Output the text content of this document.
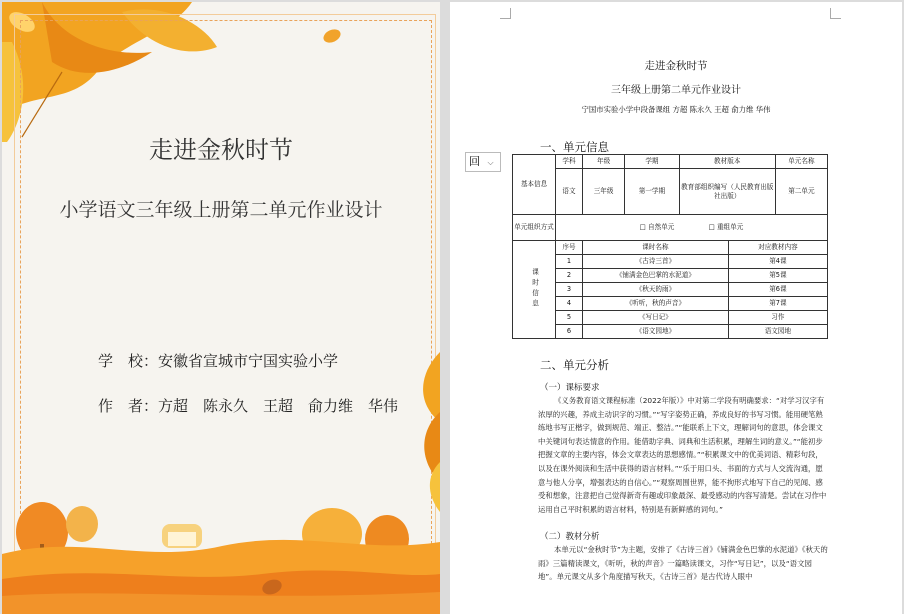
走进金秋时节
小学语文三年级上册第二单元作业设计
学　校：安徽省宣城市宁国实验小学
作　者：方超　陈永久　王超　俞力维　华伟
走进金秋时节
三年级上册第二单元作业设计
宁国市实验小学中段备课组 方超 陈永久 王超 俞力维 华伟
一、单元信息
基本信息	学科	年级	学期	教材版本		单元名称
	语文	三年级	第一学期	教育部组织编写（人民教育出版社出版）		第二单元
单元组织方式	□ 自然单元 □ 重组单元					
课时信息	序号	课时名称			对应教材内容	
	1	《古诗三首》			第4课	
	2	《铺满金色巴掌的水泥道》			第5课	
	3	《秋天的雨》			第6课	
	4	《听听，秋的声音》			第7课	
	5	《写日记》			习作	
	6	《语文园地》			语文园地	
回 ⌵
二、单元分析
（一）课标要求

《义务教育语文课程标准（2022年版）》中对第二学段有明确要求：“对学习汉字有浓厚的兴趣，养成主动识字的习惯。”“写字姿势正确，养成良好的书写习惯。能用硬笔熟练地书写正楷字，做到规范、端正、整洁。”“能联系上下文，理解词句的意思，体会课文中关键词句表达情意的作用。能借助字典、词典和生活积累，理解生词的意义。”“能初步把握文章的主要内容，体会文章表达的思想感情。”“积累课文中的优美词语、精彩句段，以及在课外阅读和生活中获得的语言材料。”“乐于用口头、书面的方式与人交流沟通，愿意与他人分享，增强表达的自信心。”“观察周围世界，能不拘形式地写下自己的见闻、感受和想象，注意把自己觉得新奇有趣或印象最深、最受感动的内容写清楚。尝试在习作中运用自己平时积累的语言材料，特别是有新鲜感的词句。”

（二）教材分析

本单元以“金秋时节”为主题，安排了《古诗三首》《铺满金色巴掌的水泥道》《秋天的雨》三篇精读课文，《听听，秋的声音》一篇略读课文，习作“写日记”，以及“语文园地”。单元课文从多个角度描写秋天，《古诗三首》是古代诗人眼中
